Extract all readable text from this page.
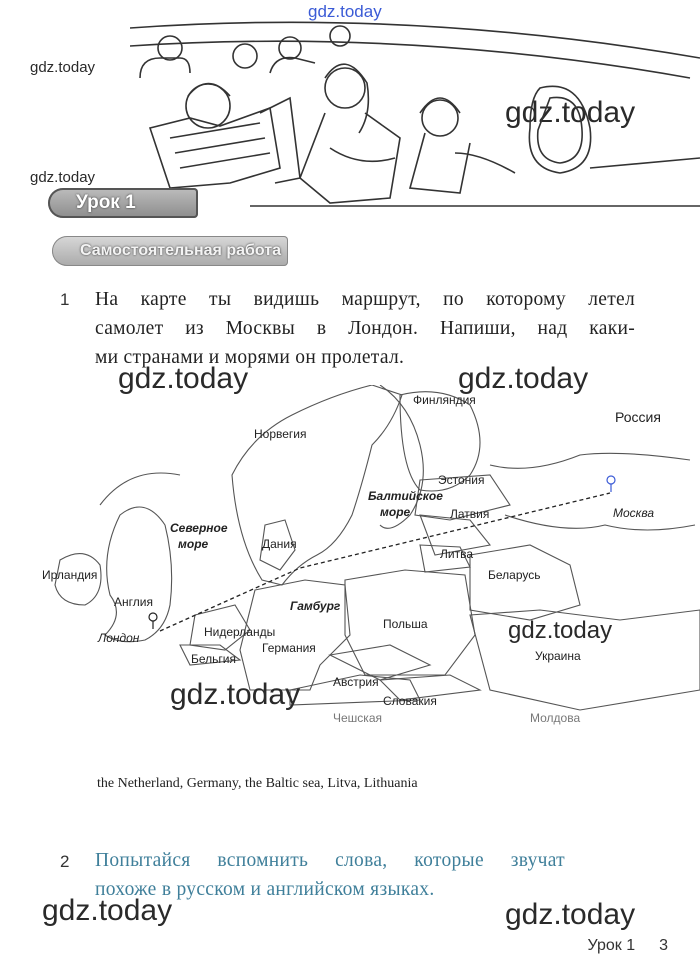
gdz.today
gdz.today
gdz.today
gdz.today
Урок 1
Самостоятельная работа
1 На карте ты видишь маршрут, по которому летел

самолет из Москвы в Лондон. Напиши, над каки-

ми странами и морями он пролетал.

Финляндия
Россия
Норвегия
Эстония
Балтийское
море	Латвия	Москва
Северное
море	Дания
Литва
Ирландия	Беларусь
Англия	Гамбург
Лондон	Нидерланды
Польша
Бельгия
Германия
Украина
Австрия
Словакия
Чешская	Молдова
gdz.today	gdz.today
gdz.today
gdz.today
the Netherland, Germany, the Baltic sea, Litva, Lithuania
2 Попытайся вспомнить слова, которые звучат

похоже в русском и английском языках.

gdz.today	gdz.today
Урок 1 3
